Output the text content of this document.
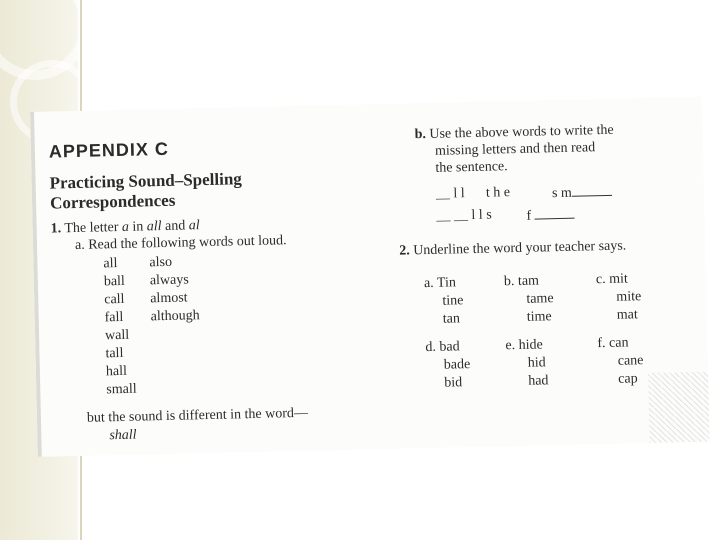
APPENDIX C
Practicing Sound–Spelling
Correspondences
1. The letter a in all and al
a. Read the following words out loud.
all
ball
call
fall
wall
tall
hall
small
also
always
almost
although
but the sound is different in the word—
shall
b. Use the above words to write the
missing letters and then read
the sentence.
__ l l t h e	s m
__ __ l l s f
2. Underline the word your teacher says.
a. Tin
tine
tan
b. tam
tame
time
c. mit
mite
mat
d. bad
bade
bid
e. hide
hid
had
f. can
cane
cap
